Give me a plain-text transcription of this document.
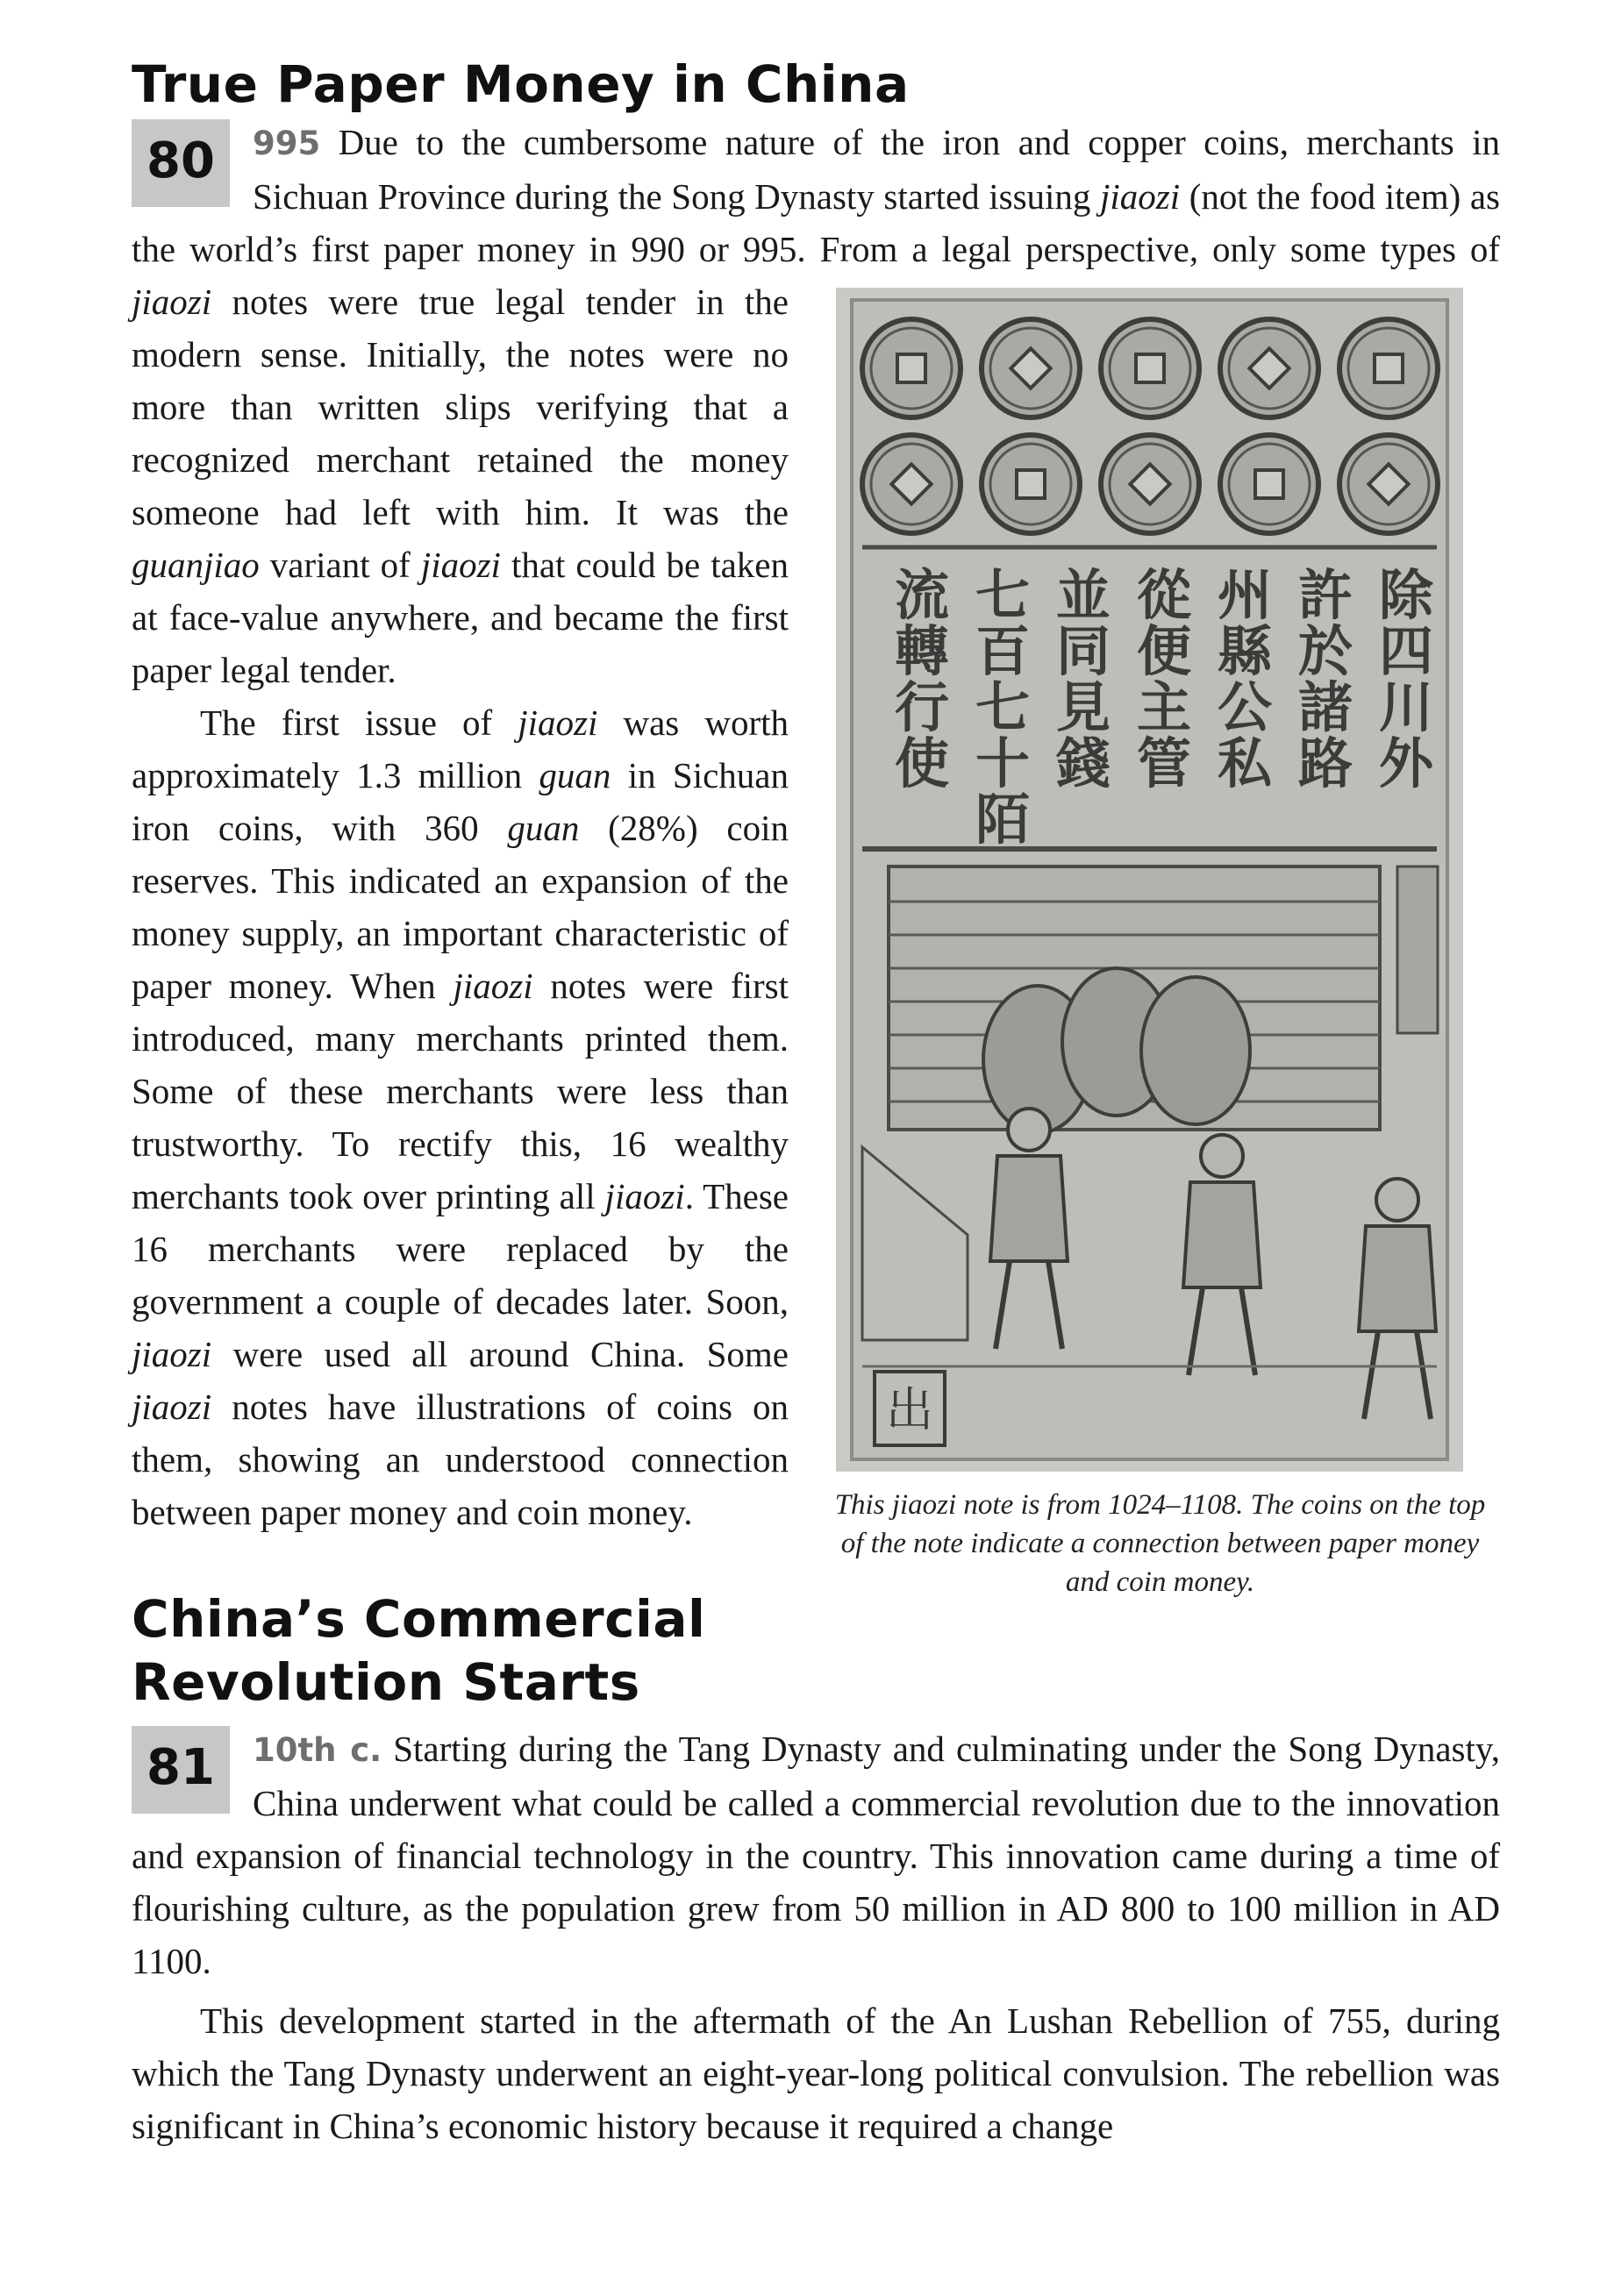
True Paper Money in China
80	995 Due to the cumbersome nature of the iron and copper coins, merchants in Sichuan Province during the Song Dynasty started issuing jiaozi (not the food item) as the world’s first paper money in 990 or 995. From a legal perspective, only some types of
除
四
川
外
許
於
諸
路
州
縣
公
私
從
便
主
管
並
同
見
錢
七
百
七
十
陌
流
轉
行
使
出
This jiaozi note is from 1024–1108. The coins on the top of the note indicate a connection between paper money and coin money.
jiaozi notes were true legal tender in the modern sense. Initially, the notes were no more than written slips verifying that a recognized merchant retained the money someone had left with him. It was the guanjiao variant of jiaozi that could be taken at face-value anywhere, and became the first paper legal tender.

The first issue of jiaozi was worth approximately 1.3 million guan in Sichuan iron coins, with 360 guan (28%) coin reserves. This indicated an expansion of the money supply, an important characteristic of paper money. When jiaozi notes were first introduced, many merchants printed them. Some of these merchants were less than trustworthy. To rectify this, 16 wealthy merchants took over printing all jiaozi. These 16 merchants were replaced by the government a couple of decades later. Soon, jiaozi were used all around China. Some jiaozi notes have illustrations of coins on them, showing an understood connection between paper money and coin money.

China’s Commercial Revolution Starts
81	10th c. Starting during the Tang Dynasty and culminating under the Song Dynasty, China underwent what could be called a commercial revolution due to the innovation and expansion of financial technology in the country. This innovation came during a time of flourishing culture, as the population grew from 50 million in AD 800 to 100 million in AD 1100.

This development started in the aftermath of the An Lushan Rebellion of 755, during which the Tang Dynasty underwent an eight-year-long political convulsion. The rebellion was significant in China’s economic history because it required a change
